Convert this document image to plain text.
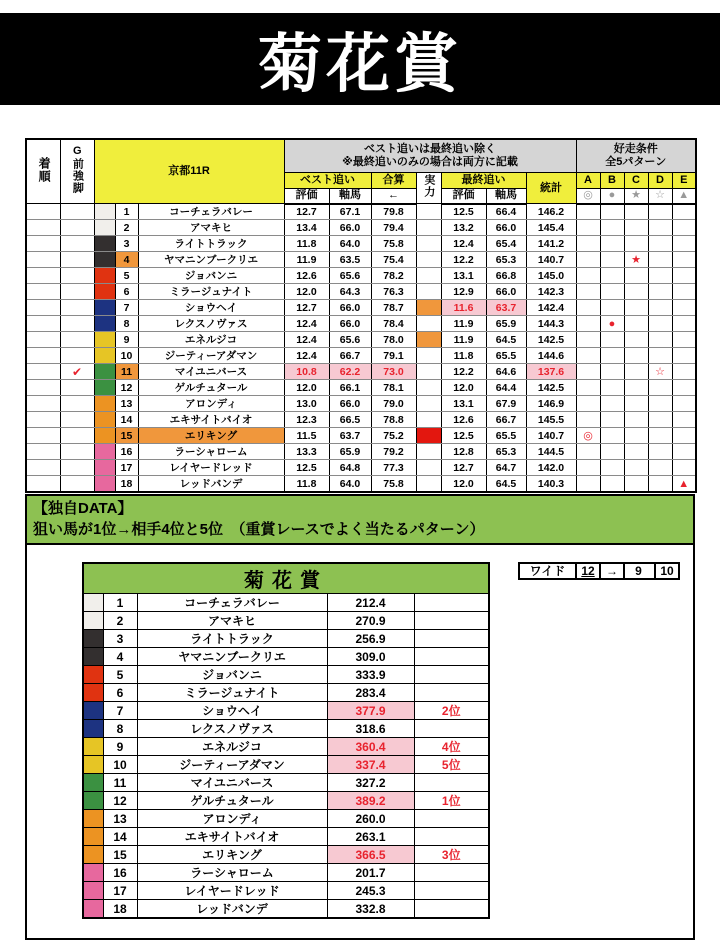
菊花賞
着順	G前強脚	京都11R			ベスト追いは最終追い除く
※最終追いのみの場合は両方に記載							好走条件
全5パターン				

					ベスト追い		合算	実力	最終追い		統計	A	B	C	D	E
					評価	軸馬	←		評価	軸馬		◎	●	★	☆	▲
			1	コーチェラバレー	12.7	67.1	79.8		12.5	66.4	146.2					
			2	アマキヒ	13.4	66.0	79.4		13.2	66.0	145.4					
			3	ライトトラック	11.8	64.0	75.8		12.4	65.4	141.2					
			4	ヤマニンブークリエ	11.9	63.5	75.4		12.2	65.3	140.7			★		
			5	ジョバンニ	12.6	65.6	78.2		13.1	66.8	145.0					
			6	ミラージュナイト	12.0	64.3	76.3		12.9	66.0	142.3					
			7	ショウヘイ	12.7	66.0	78.7		11.6	63.7	142.4					
			8	レクスノヴァス	12.4	66.0	78.4		11.9	65.9	144.3		●			
			9	エネルジコ	12.4	65.6	78.0		11.9	64.5	142.5					
			10	ジーティーアダマン	12.4	66.7	79.1		11.8	65.5	144.6					
	✔		11	マイユニバース	10.8	62.2	73.0		12.2	64.6	137.6				☆	
			12	ゲルチュタール	12.0	66.1	78.1		12.0	64.4	142.5					
			13	アロンディ	13.0	66.0	79.0		13.1	67.9	146.9					
			14	エキサイトバイオ	12.3	66.5	78.8		12.6	66.7	145.5					
			15	エリキング	11.5	63.7	75.2		12.5	65.5	140.7	◎				
			16	ラーシャローム	13.3	65.9	79.2		12.8	65.3	144.5					
			17	レイヤードレッド	12.5	64.8	77.3		12.7	64.7	142.0					
			18	レッドバンデ	11.8	64.0	75.8		12.0	64.5	140.3					▲
【独自DATA】
狙い馬が1位→相手4位と5位　（重賞レースでよく当たるパターン）
菊花賞				
	1	コーチェラバレー	212.4	
	2	アマキヒ	270.9	
	3	ライトトラック	256.9	
	4	ヤマニンブークリエ	309.0	
	5	ジョバンニ	333.9	
	6	ミラージュナイト	283.4	
	7	ショウヘイ	377.9	2位
	8	レクスノヴァス	318.6	
	9	エネルジコ	360.4	4位
	10	ジーティーアダマン	337.4	5位
	11	マイユニバース	327.2	
	12	ゲルチュタール	389.2	1位
	13	アロンディ	260.0	
	14	エキサイトバイオ	263.1	
	15	エリキング	366.5	3位
	16	ラーシャローム	201.7	
	17	レイヤードレッド	245.3	
	18	レッドバンデ	332.8	
ワイド	12 →	9	10
